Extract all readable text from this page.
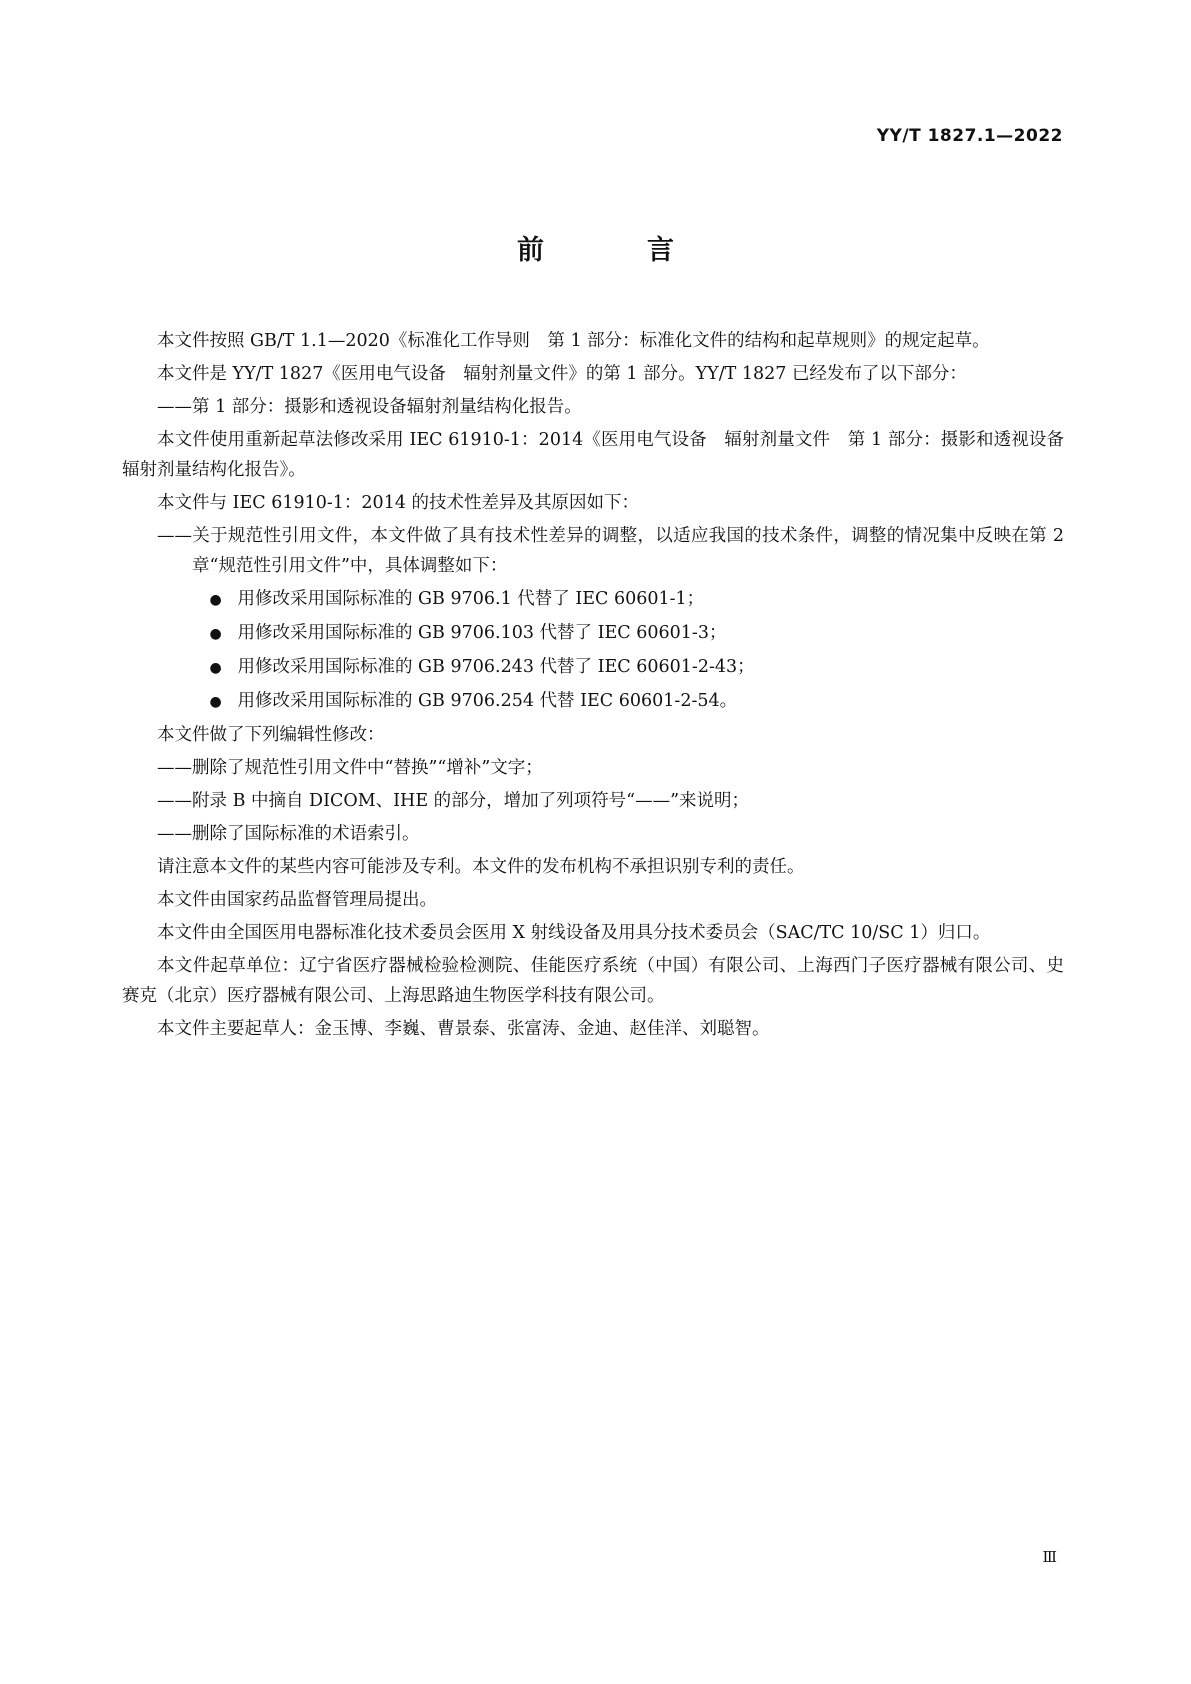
YY/T 1827.1—2022
前　言

本文件按照 GB/T 1.1—2020《标准化工作导则　第 1 部分：标准化文件的结构和起草规则》的规定起草。

本文件是 YY/T 1827《医用电气设备　辐射剂量文件》的第 1 部分。YY/T 1827 已经发布了以下部分：

——第 1 部分：摄影和透视设备辐射剂量结构化报告。

本文件使用重新起草法修改采用 IEC 61910-1：2014《医用电气设备　辐射剂量文件　第 1 部分：摄影和透视设备辐射剂量结构化报告》。

本文件与 IEC 61910-1：2014 的技术性差异及其原因如下：

——关于规范性引用文件，本文件做了具有技术性差异的调整，以适应我国的技术条件，调整的情况集中反映在第 2 章“规范性引用文件”中，具体调整如下：

● 用修改采用国际标准的 GB 9706.1 代替了 IEC 60601-1；

● 用修改采用国际标准的 GB 9706.103 代替了 IEC 60601-3；

● 用修改采用国际标准的 GB 9706.243 代替了 IEC 60601-2-43；

● 用修改采用国际标准的 GB 9706.254 代替 IEC 60601-2-54。

本文件做了下列编辑性修改：

——删除了规范性引用文件中“替换”“增补”文字；

——附录 B 中摘自 DICOM、IHE 的部分，增加了列项符号“——”来说明；

——删除了国际标准的术语索引。

请注意本文件的某些内容可能涉及专利。本文件的发布机构不承担识别专利的责任。

本文件由国家药品监督管理局提出。

本文件由全国医用电器标准化技术委员会医用 X 射线设备及用具分技术委员会（SAC/TC 10/SC 1）归口。

本文件起草单位：辽宁省医疗器械检验检测院、佳能医疗系统（中国）有限公司、上海西门子医疗器械有限公司、史赛克（北京）医疗器械有限公司、上海思路迪生物医学科技有限公司。

本文件主要起草人：金玉博、李巍、曹景泰、张富涛、金迪、赵佳洋、刘聪智。

Ⅲ
